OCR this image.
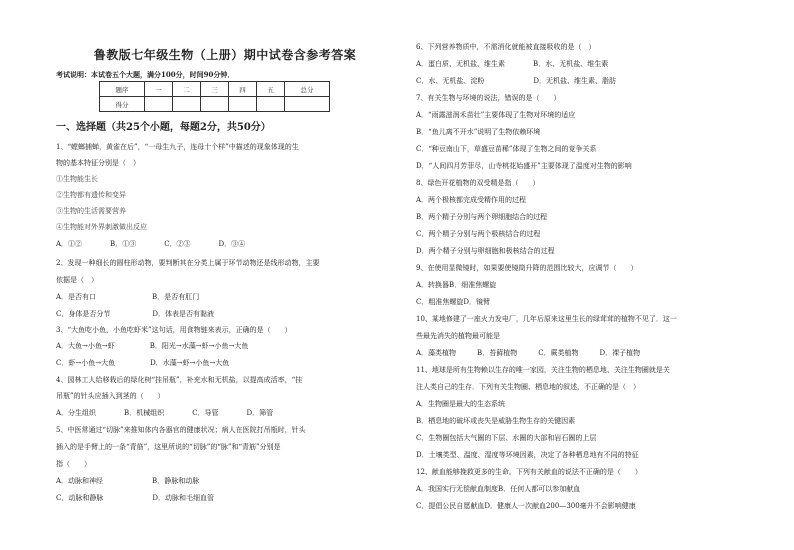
鲁教版七年级生物（上册）期中试卷含参考答案
考试说明：本试卷五个大题，满分100分，时间90分钟．
题序	一	二	三	四	五	总分
得分						
一、选择题（共25个小题，每题2分，共50分）
1、“螳螂捕蝉，黄雀在后”，“一母生九子，连母十个样”中描述的现象体现的生
物的基本特征分别是（　）
①生物能生长
②生物都有遗传和变异
③生物的生活需要营养
④生物能对外界刺激做出反应
A．①②　　　　B．①③　　　　C．②③　　　　D．③④
2、发现一种细长的圆柱形动物，要判断其在分类上属于环节动物还是线形动物，主要
依据是（　）
A．是否有口　　　　　　　　B．是否有肛门
C．身体是否分节　　　　　　D．体表是否有黏液
3、“大鱼吃小鱼，小鱼吃虾米”这句话，用食物链来表示，正确的是（　　）
A．大鱼→小鱼→虾　　　　　B．阳光→水藻→虾→小鱼→大鱼
C．虾→小鱼→大鱼　　　　　D．水藻→虾→小鱼→大鱼
4、园林工人给移栽后的绿化树“挂吊瓶”，补充水和无机盐，以提高成活率，“挂
吊瓶”的针头应插入到茎的（　　）
A．分生组织　　　　B．机械组织　　　　C．导管　　　　D．筛管
5、中医常通过“切脉”来推知体内各器官的健康状况；病人在医院打吊瓶时，针头
插入的是手臂上的一条“青筋”，这里所说的“切脉”的“脉”和“青筋”分别是
指（　　）
A．动脉和神经　　　　　　　B．静脉和动脉
C．动脉和静脉　　　　　　　D．动脉和毛细血管
6、下列营养物质中，不需消化就能被直接吸收的是（　）
A．蛋白质、无机盐、维生素　　　　B．水、无机盐、维生素
C．水、无机盐、淀粉　　　　　　　D．无机盐、维生素、脂肪
7、有关生物与环境的说法，错误的是（　　）
A．“雨露滋润禾苗壮”主要体现了生物对环境的适应
B．“鱼儿离不开水”说明了生物依赖环境
C．“种豆南山下，草盛豆苗稀”体现了生物之间的竞争关系
D．“人间四月芳菲尽，山寺桃花始盛开”主要体现了温度对生物的影响
8、绿色开花植物的双受精是指（　　）
A．两个极核都完成受精作用的过程
B．两个精子分别与两个卵细胞结合的过程
C．两个精子分别与两个极核结合的过程
D．两个精子分别与卵细胞和极核结合的过程
9、在使用显微镜时，如果要使镜筒升降的范围比较大，应调节（　　）
A．转换器B．细准焦螺旋
C．粗准焦螺旋D．镜臂
10、某地修建了一座火力发电厂，几年后原来这里生长的绿茸茸的植物不见了．这一
些最先消失的植物最可能是
A．藻类植物　　　B．苔藓植物　　　C．蕨类植物　　　D．裸子植物
11、地球是所有生物赖以生存的唯一家园，关注生物的栖息地、关注生物圈就是关
注人类自己的生存．下列有关生物圈、栖息地的叙述，不正确的是（　）
A．生物圈是最大的生态系统
B．栖息地的破坏或丧失是威胁生物生存的关键因素
C．生物圈包括大气圈的下层、水圈的大部和岩石圈的上层
D．土壤类型、温度、湿度等环境因素，决定了各种栖息地有不同的特征
12、献血能够挽救更多的生命。下列有关献血的说法不正确的是（　　）
A．我国实行无偿献血制度B．任何人都可以参加献血
C．提倡公民自愿献血D．健康人一次献血200—300毫升不会影响健康
